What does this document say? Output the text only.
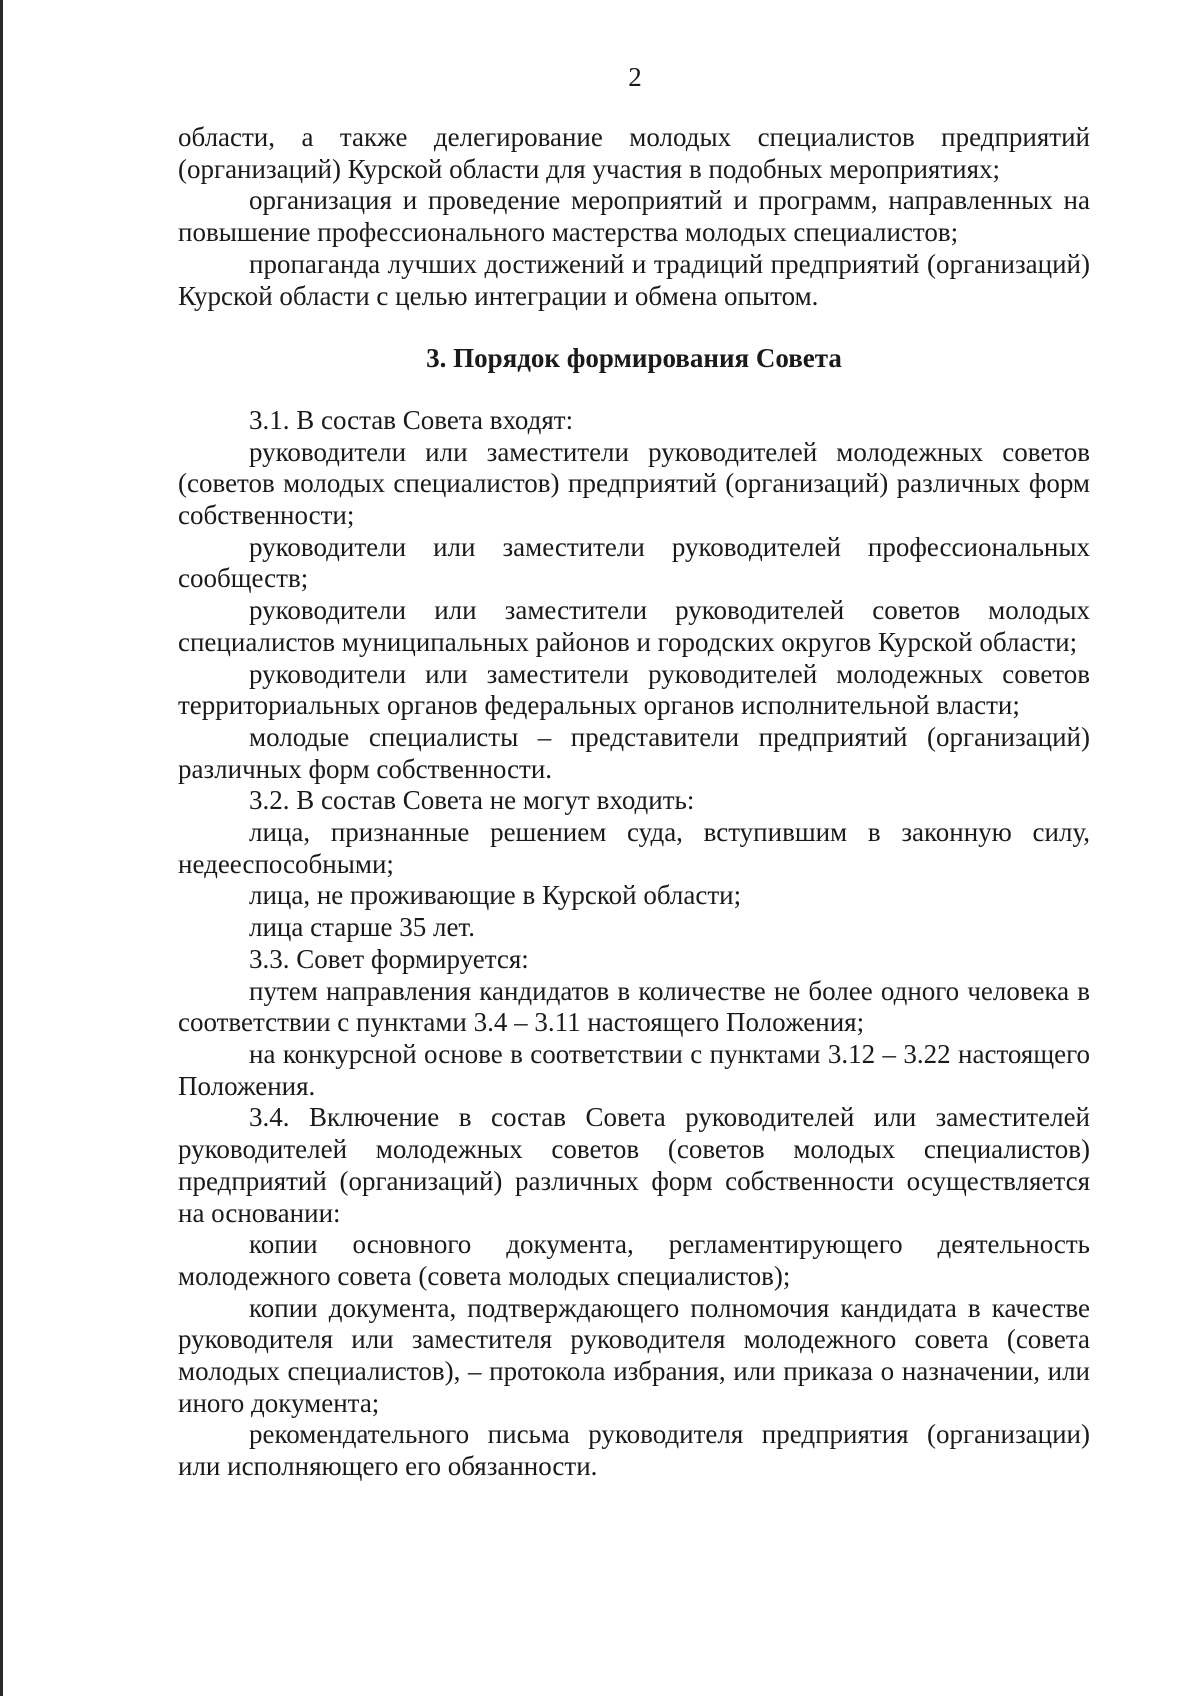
2

области, а также делегирование молодых специалистов предприятий (организаций) Курской области для участия в подобных мероприятиях;

организация и проведение мероприятий и программ, направленных на повышение профессионального мастерства молодых специалистов;

пропаганда лучших достижений и традиций предприятий (организаций) Курской области с целью интеграции и обмена опытом.

3. Порядок формирования Совета

3.1. В состав Совета входят:

руководители или заместители руководителей молодежных советов (советов молодых специалистов) предприятий (организаций) различных форм собственности;

руководители или заместители руководителей профессиональных сообществ;

руководители или заместители руководителей советов молодых специалистов муниципальных районов и городских округов Курской области;

руководители или заместители руководителей молодежных советов территориальных органов федеральных органов исполнительной власти;

молодые специалисты – представители предприятий (организаций) различных форм собственности.

3.2. В состав Совета не могут входить:

лица, признанные решением суда, вступившим в законную силу, недееспособными;

лица, не проживающие в Курской области;

лица старше 35 лет.

3.3. Совет формируется:

путем направления кандидатов в количестве не более одного человека в соответствии с пунктами 3.4 – 3.11 настоящего Положения;

на конкурсной основе в соответствии с пунктами 3.12 – 3.22 настоящего Положения.

3.4. Включение в состав Совета руководителей или заместителей руководителей молодежных советов (советов молодых специалистов) предприятий (организаций) различных форм собственности осуществляется на основании:

копии основного документа, регламентирующего деятельность молодежного совета (совета молодых специалистов);

копии документа, подтверждающего полномочия кандидата в качестве руководителя или заместителя руководителя молодежного совета (совета молодых специалистов), – протокола избрания, или приказа о назначении, или иного документа;

рекомендательного письма руководителя предприятия (организации) или исполняющего его обязанности.
